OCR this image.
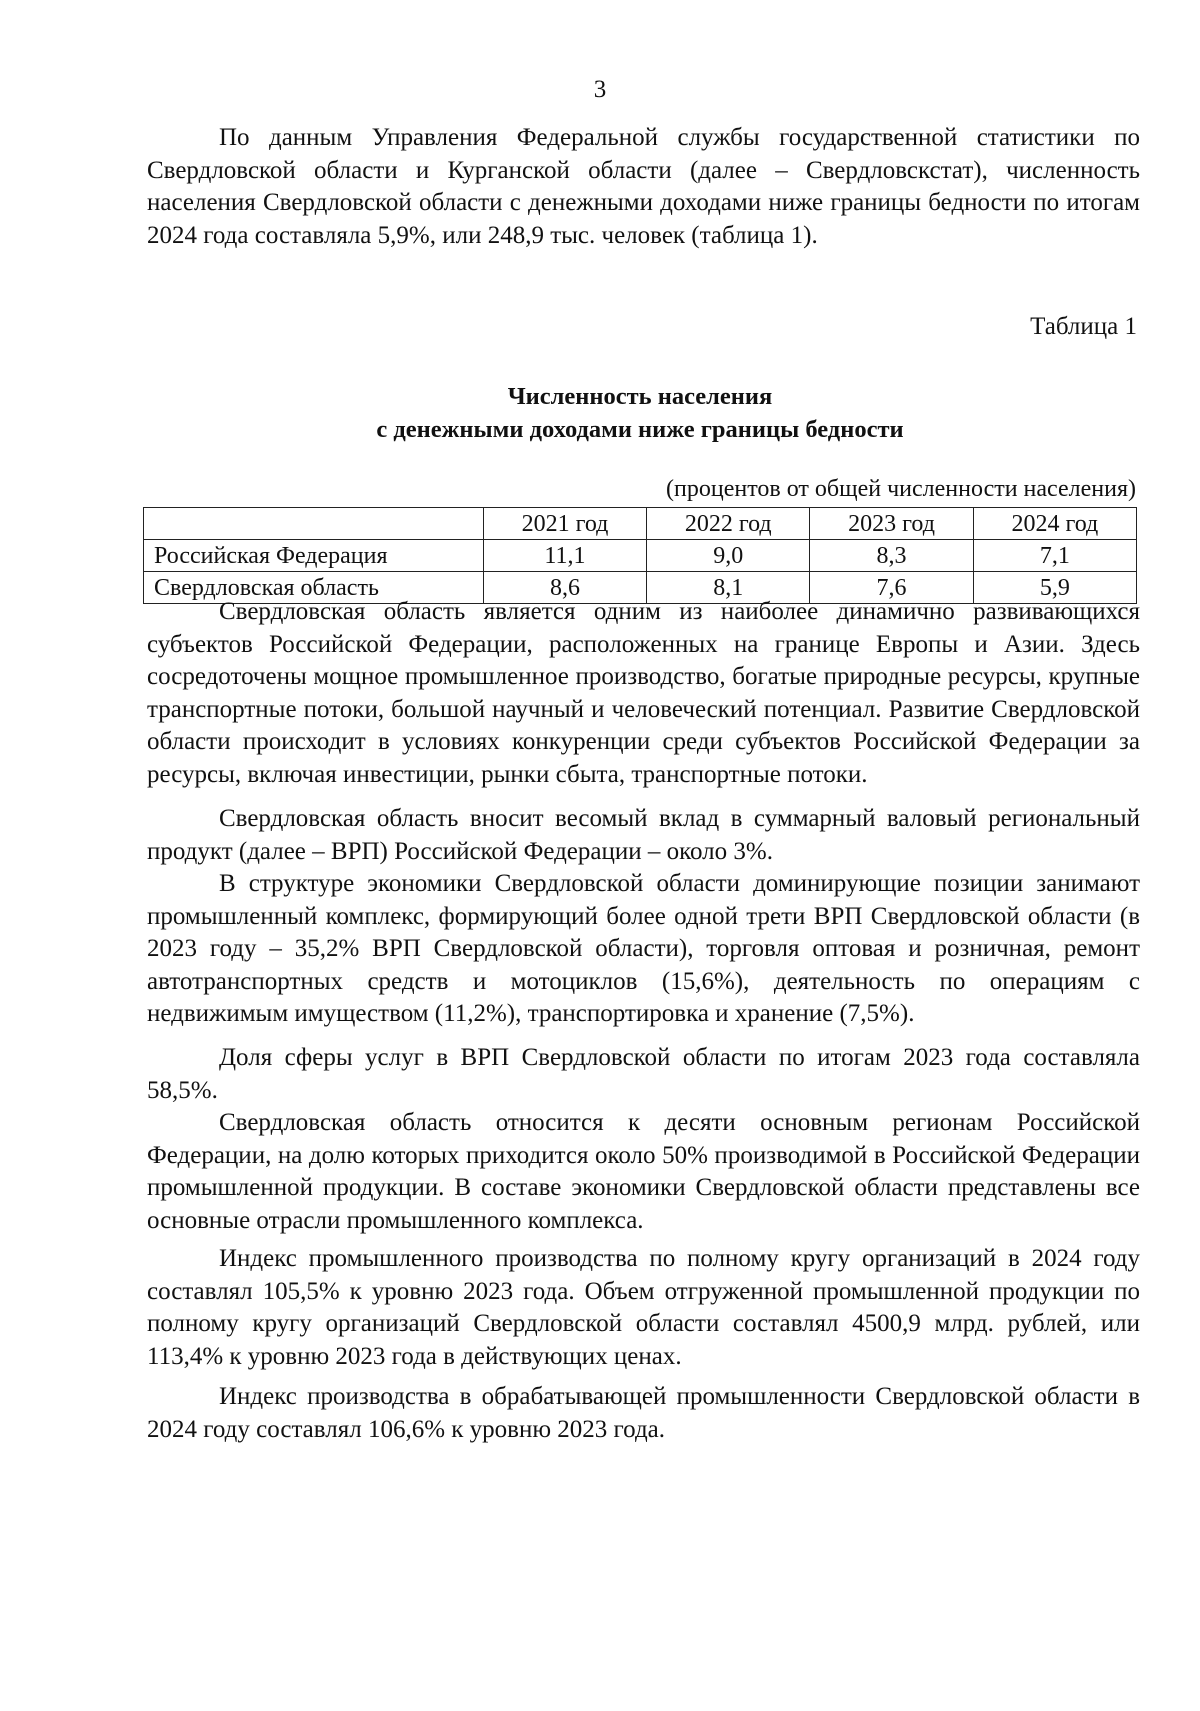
3

По данным Управления Федеральной службы государственной статистики по Свердловской области и Курганской области (далее – Свердловскстат), численность населения Свердловской области с денежными доходами ниже границы бедности по итогам 2024 года составляла 5,9%, или 248,9 тыс. человек (таблица 1).

Таблица 1
Численность населения
с денежными доходами ниже границы бедности
(процентов от общей численности населения)
	2021 год	2022 год	2023 год	2024 год
Российская Федерация	11,1	9,0	8,3	7,1
Свердловская область	8,6	8,1	7,6	5,9

Свердловская область является одним из наиболее динамично развивающихся субъектов Российской Федерации, расположенных на границе Европы и Азии. Здесь сосредоточены мощное промышленное производство, богатые природные ресурсы, крупные транспортные потоки, большой научный и человеческий потенциал. Развитие Свердловской области происходит в условиях конкуренции среди субъектов Российской Федерации за ресурсы, включая инвестиции, рынки сбыта, транспортные потоки.

Свердловская область вносит весомый вклад в суммарный валовый региональный продукт (далее – ВРП) Российской Федерации – около 3%.

В структуре экономики Свердловской области доминирующие позиции занимают промышленный комплекс, формирующий более одной трети ВРП Свердловской области (в 2023 году – 35,2% ВРП Свердловской области), торговля оптовая и розничная, ремонт автотранспортных средств и мотоциклов (15,6%), деятельность по операциям с недвижимым имуществом (11,2%), транспортировка и хранение (7,5%).

Доля сферы услуг в ВРП Свердловской области по итогам 2023 года составляла 58,5%.

Свердловская область относится к десяти основным регионам Российской Федерации, на долю которых приходится около 50% производимой в Российской Федерации промышленной продукции. В составе экономики Свердловской области представлены все основные отрасли промышленного комплекса.

Индекс промышленного производства по полному кругу организаций в 2024 году составлял 105,5% к уровню 2023 года. Объем отгруженной промышленной продукции по полному кругу организаций Свердловской области составлял 4500,9 млрд. рублей, или 113,4% к уровню 2023 года в действующих ценах.

Индекс производства в обрабатывающей промышленности Свердловской области в 2024 году составлял 106,6% к уровню 2023 года.
